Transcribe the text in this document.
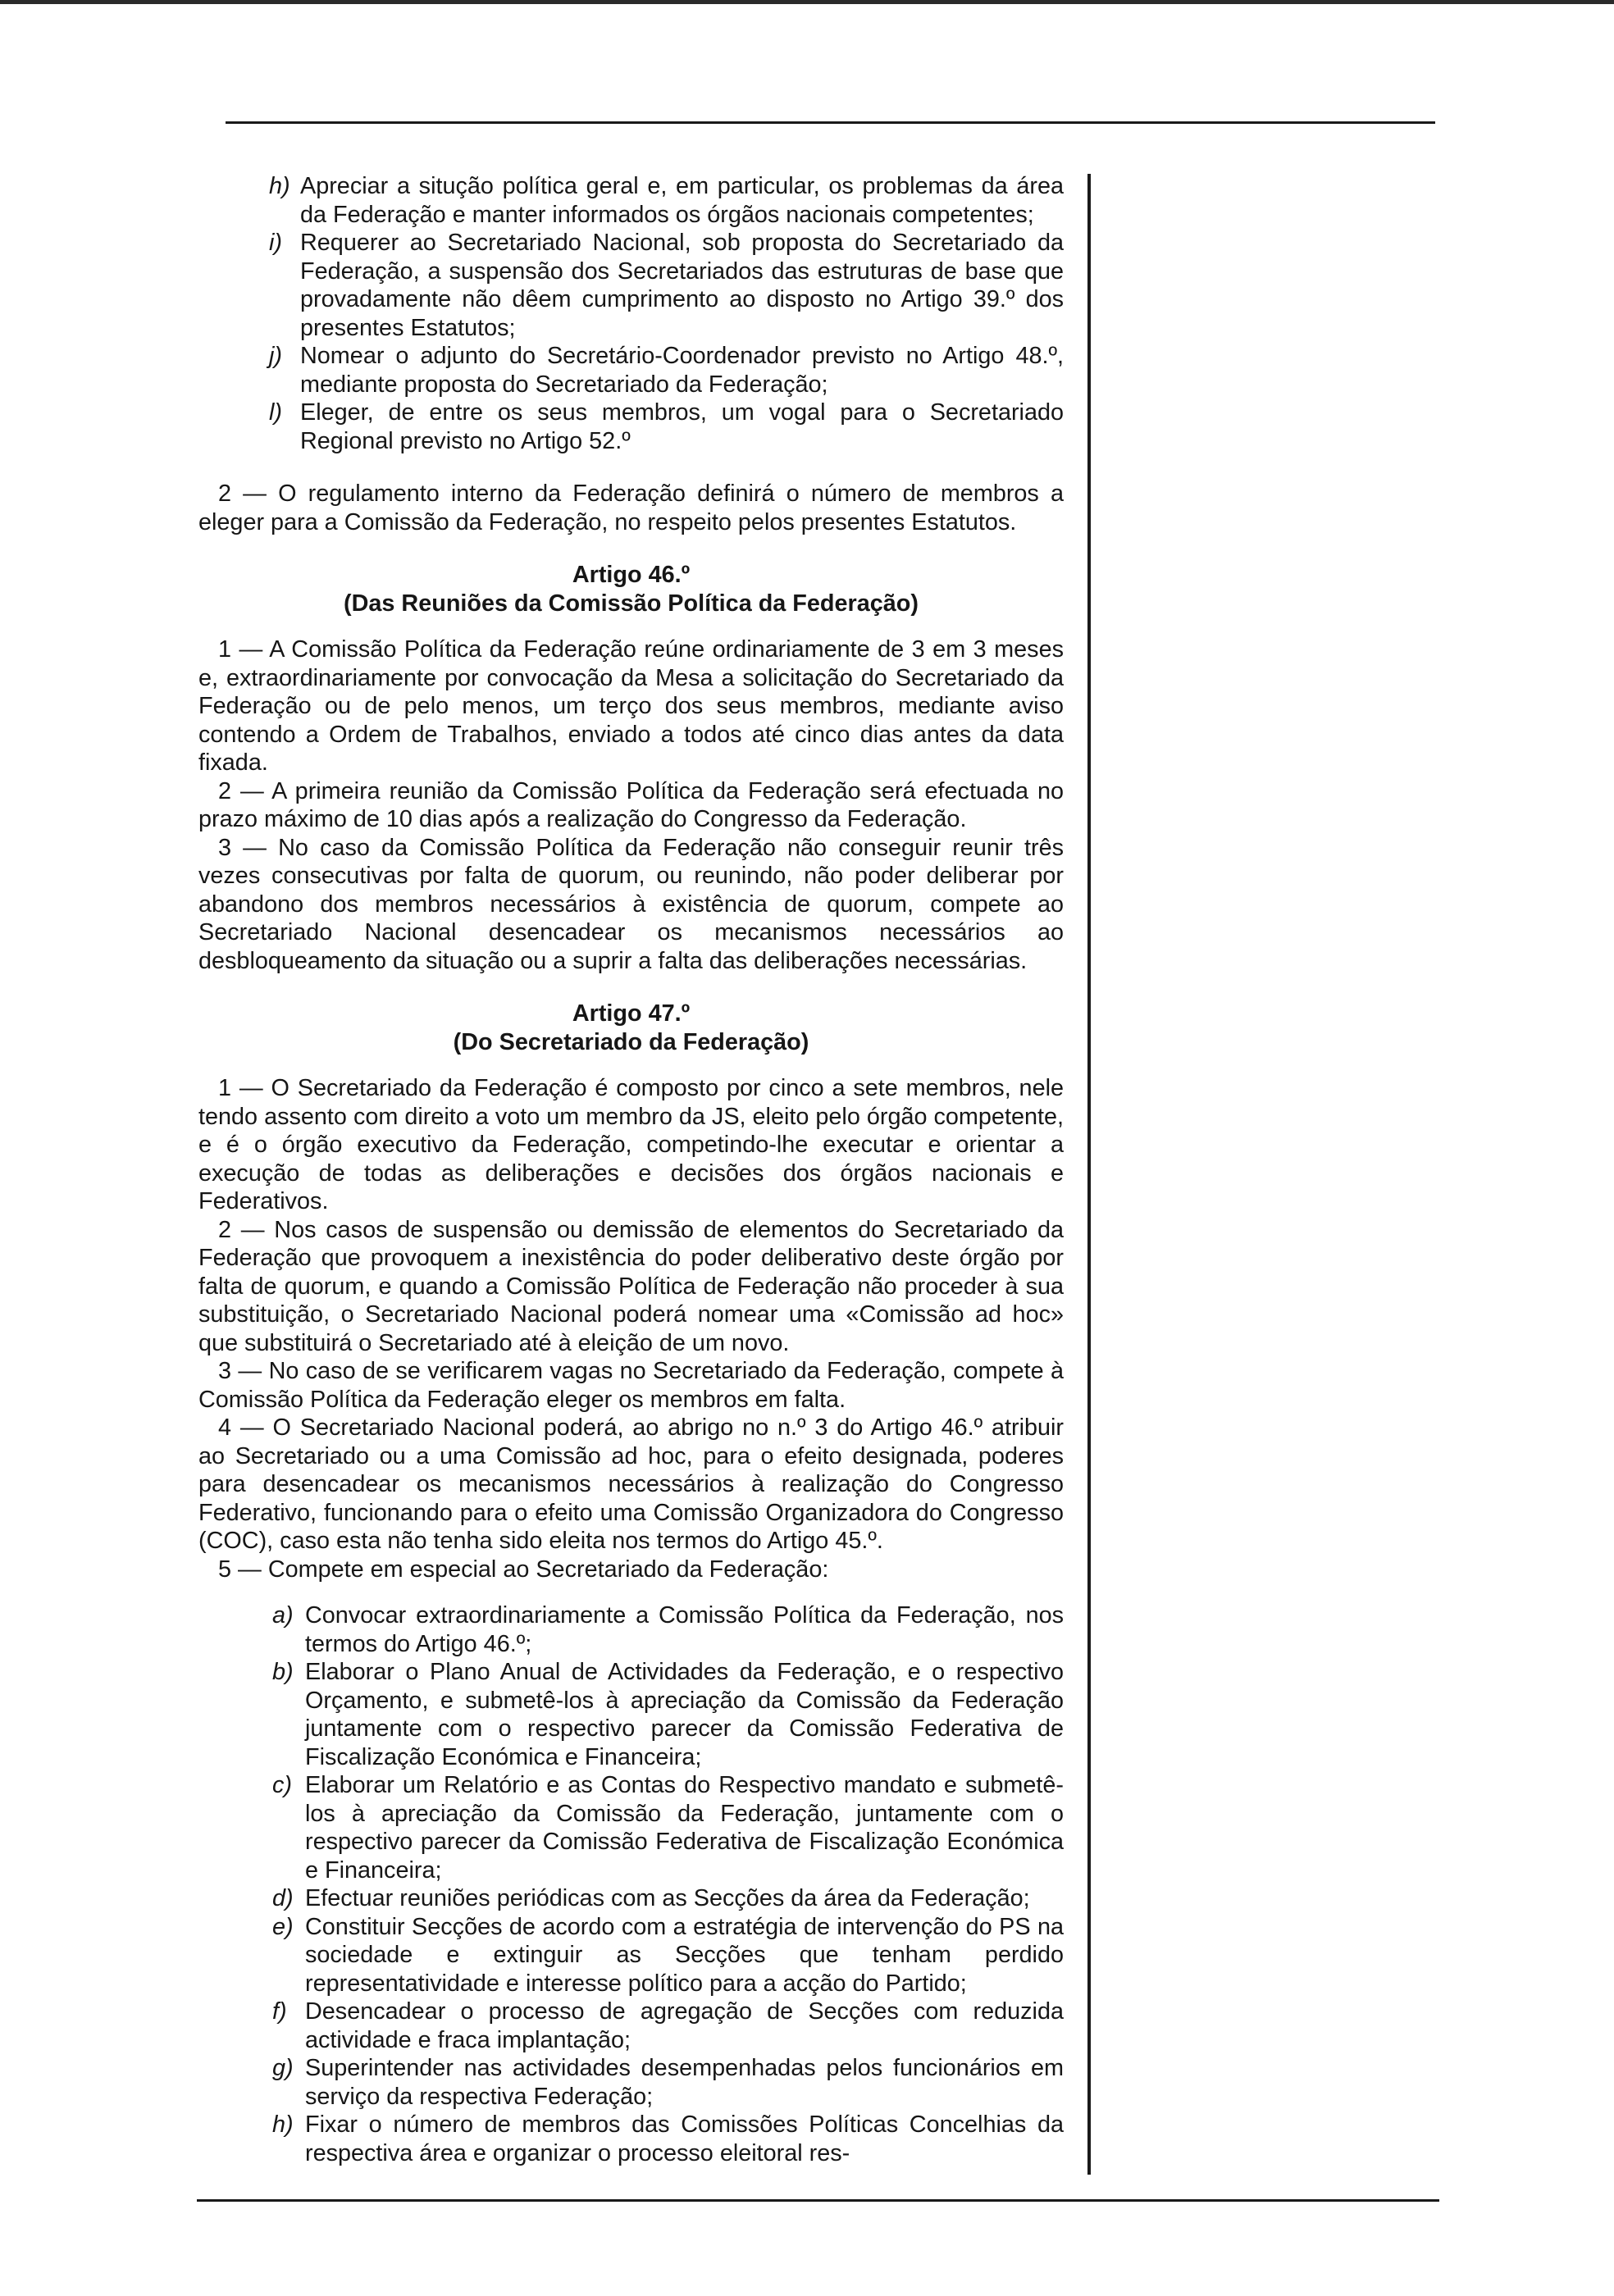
h) Apreciar a situção política geral e, em particular, os problemas da área da Federação e manter informados os órgãos nacionais competentes;
i) Requerer ao Secretariado Nacional, sob proposta do Secretariado da Federação, a suspensão dos Secretariados das estruturas de base que provadamente não dêem cumprimento ao disposto no Artigo 39.º dos presentes Estatutos;
j) Nomear o adjunto do Secretário-Coordenador previsto no Artigo 48.º, mediante proposta do Secretariado da Federação;
l) Eleger, de entre os seus membros, um vogal para o Secretariado Regional previsto no Artigo 52.º
2 — O regulamento interno da Federação definirá o número de membros a eleger para a Comissão da Federação, no respeito pelos presentes Estatutos.
Artigo 46.º
(Das Reuniões da Comissão Política da Federação)
1 — A Comissão Política da Federação reúne ordinariamente de 3 em 3 meses e, extraordinariamente por convocação da Mesa a solicitação do Secretariado da Federação ou de pelo menos, um terço dos seus membros, mediante aviso contendo a Ordem de Trabalhos, enviado a todos até cinco dias antes da data fixada.
2 — A primeira reunião da Comissão Política da Federação será efectuada no prazo máximo de 10 dias após a realização do Congresso da Federação.
3 — No caso da Comissão Política da Federação não conseguir reunir três vezes consecutivas por falta de quorum, ou reunindo, não poder deliberar por abandono dos membros necessários à existência de quorum, compete ao Secretariado Nacional desencadear os mecanismos necessários ao desbloqueamento da situação ou a suprir a falta das deliberações necessárias.
Artigo 47.º
(Do Secretariado da Federação)
1 — O Secretariado da Federação é composto por cinco a sete membros, nele tendo assento com direito a voto um membro da JS, eleito pelo órgão competente, e é o órgão executivo da Federação, competindo-lhe executar e orientar a execução de todas as deliberações e decisões dos órgãos nacionais e Federativos.
2 — Nos casos de suspensão ou demissão de elementos do Secretariado da Federação que provoquem a inexistência do poder deliberativo deste órgão por falta de quorum, e quando a Comissão Política de Federação não proceder à sua substituição, o Secretariado Nacional poderá nomear uma «Comissão ad hoc» que substituirá o Secretariado até à eleição de um novo.
3 — No caso de se verificarem vagas no Secretariado da Federação, compete à Comissão Política da Federação eleger os membros em falta.
4 — O Secretariado Nacional poderá, ao abrigo no n.º 3 do Artigo 46.º atribuir ao Secretariado ou a uma Comissão ad hoc, para o efeito designada, poderes para desencadear os mecanismos necessários à realização do Congresso Federativo, funcionando para o efeito uma Comissão Organizadora do Congresso (COC), caso esta não tenha sido eleita nos termos do Artigo 45.º.
5 — Compete em especial ao Secretariado da Federação:
a) Convocar extraordinariamente a Comissão Política da Federação, nos termos do Artigo 46.º;
b) Elaborar o Plano Anual de Actividades da Federação, e o respectivo Orçamento, e submetê-los à apreciação da Comissão da Federação juntamente com o respectivo parecer da Comissão Federativa de Fiscalização Económica e Financeira;
c) Elaborar um Relatório e as Contas do Respectivo mandato e submetê-los à apreciação da Comissão da Federação, juntamente com o respectivo parecer da Comissão Federativa de Fiscalização Económica e Financeira;
d) Efectuar reuniões periódicas com as Secções da área da Federação;
e) Constituir Secções de acordo com a estratégia de intervenção do PS na sociedade e extinguir as Secções que tenham perdido representatividade e interesse político para a acção do Partido;
f) Desencadear o processo de agregação de Secções com reduzida actividade e fraca implantação;
g) Superintender nas actividades desempenhadas pelos funcionários em serviço da respectiva Federação;
h) Fixar o número de membros das Comissões Políticas Concelhias da respectiva área e organizar o processo eleitoral res-
